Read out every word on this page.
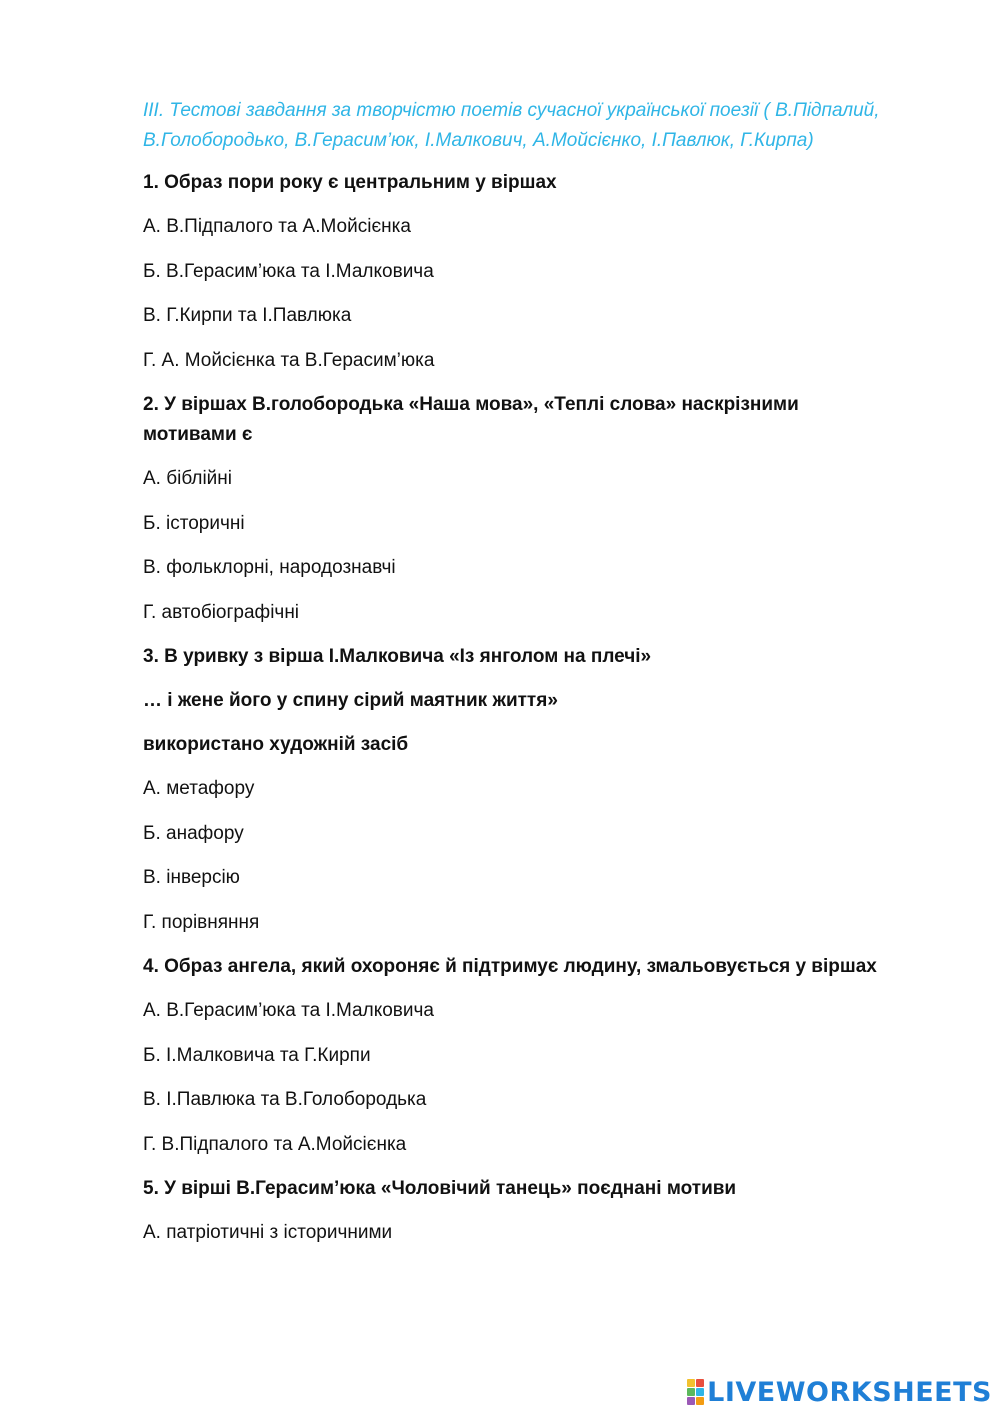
III. Тестові завдання за творчістю поетів сучасної української поезії ( В.Підпалий, В.Голобородько, В.Герасим’юк, І.Малкович, А.Мойсієнко, І.Павлюк, Г.Кирпа)

1. Образ пори року є центральним у віршах

А. В.Підпалого та А.Мойсієнка

Б. В.Герасим’юка та І.Малковича

В. Г.Кирпи та І.Павлюка

Г. А. Мойсієнка та В.Герасим’юка

2. У віршах В.голобородька «Наша мова», «Теплі слова» наскрізними мотивами є

А. біблійні

Б. історичні

В. фольклорні, народознавчі

Г. автобіографічні

3. В уривку з вірша І.Малковича «Із янголом на плечі»

… і жене його у спину сірий маятник життя»

використано художній засіб

А. метафору

Б. анафору

В. інверсію

Г. порівняння

4. Образ ангела, який охороняє й підтримує людину, змальовується у віршах

А. В.Герасим’юка та І.Малковича

Б. І.Малковича та Г.Кирпи

В. І.Павлюка та В.Голобородька

Г. В.Підпалого та А.Мойсієнка

5. У вірші В.Герасим’юка «Чоловічий танець» поєднані мотиви

А. патріотичні з історичними

LIVEWORKSHEETS
